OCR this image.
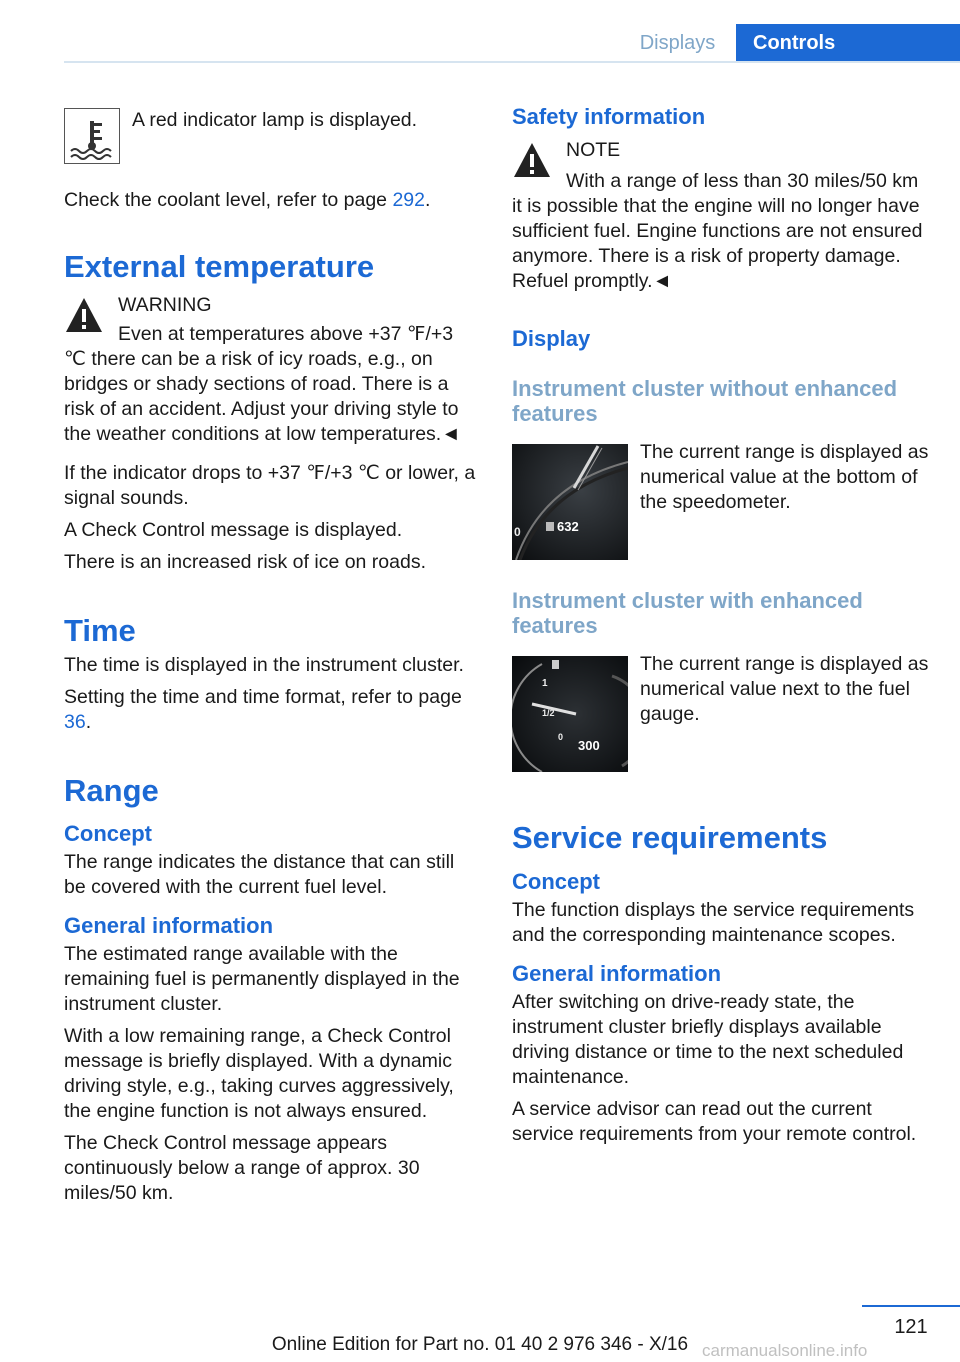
Displays	Controls

A red indicator lamp is displayed.

Check the coolant level, refer to page 292.

External temperature

WARNING

Even at temperatures above +37 ℉/+3 ℃ there can be a risk of icy roads, e.g., on bridges or shady sections of road. There is a risk of an accident. Adjust your driving style to the weather conditions at low temperatures.◄

If the indicator drops to +37 ℉/+3 ℃ or lower, a signal sounds.

A Check Control message is displayed.

There is an increased risk of ice on roads.

Time

The time is displayed in the instrument cluster.

Setting the time and time format, refer to page 36.

Range
Concept

The range indicates the distance that can still be covered with the current fuel level.

General information

The estimated range available with the remaining fuel is permanently displayed in the instrument cluster.

With a low remaining range, a Check Control message is briefly displayed. With a dynamic driving style, e.g., taking curves aggressively, the engine function is not always ensured.

The Check Control message appears continuously below a range of approx. 30 miles/50 km.

Safety information

NOTE

With a range of less than 30 miles/50 km it is possible that the engine will no longer have sufficient fuel. Engine functions are not ensured anymore. There is a risk of property damage. Refuel promptly.◄

Display
Instrument cluster without enhanced features
0	632

The current range is displayed as numerical value at the bottom of the speedometer.

Instrument cluster with enhanced features
1
1/2
0
300

The current range is displayed as numerical value next to the fuel gauge.

Service requirements
Concept

The function displays the service requirements and the corresponding maintenance scopes.

General information

After switching on drive-ready state, the instrument cluster briefly displays available driving distance or time to the next scheduled maintenance.

A service advisor can read out the current service requirements from your remote control.

121
Online Edition for Part no. 01 40 2 976 346 - X/16 carmanualsonline.info
